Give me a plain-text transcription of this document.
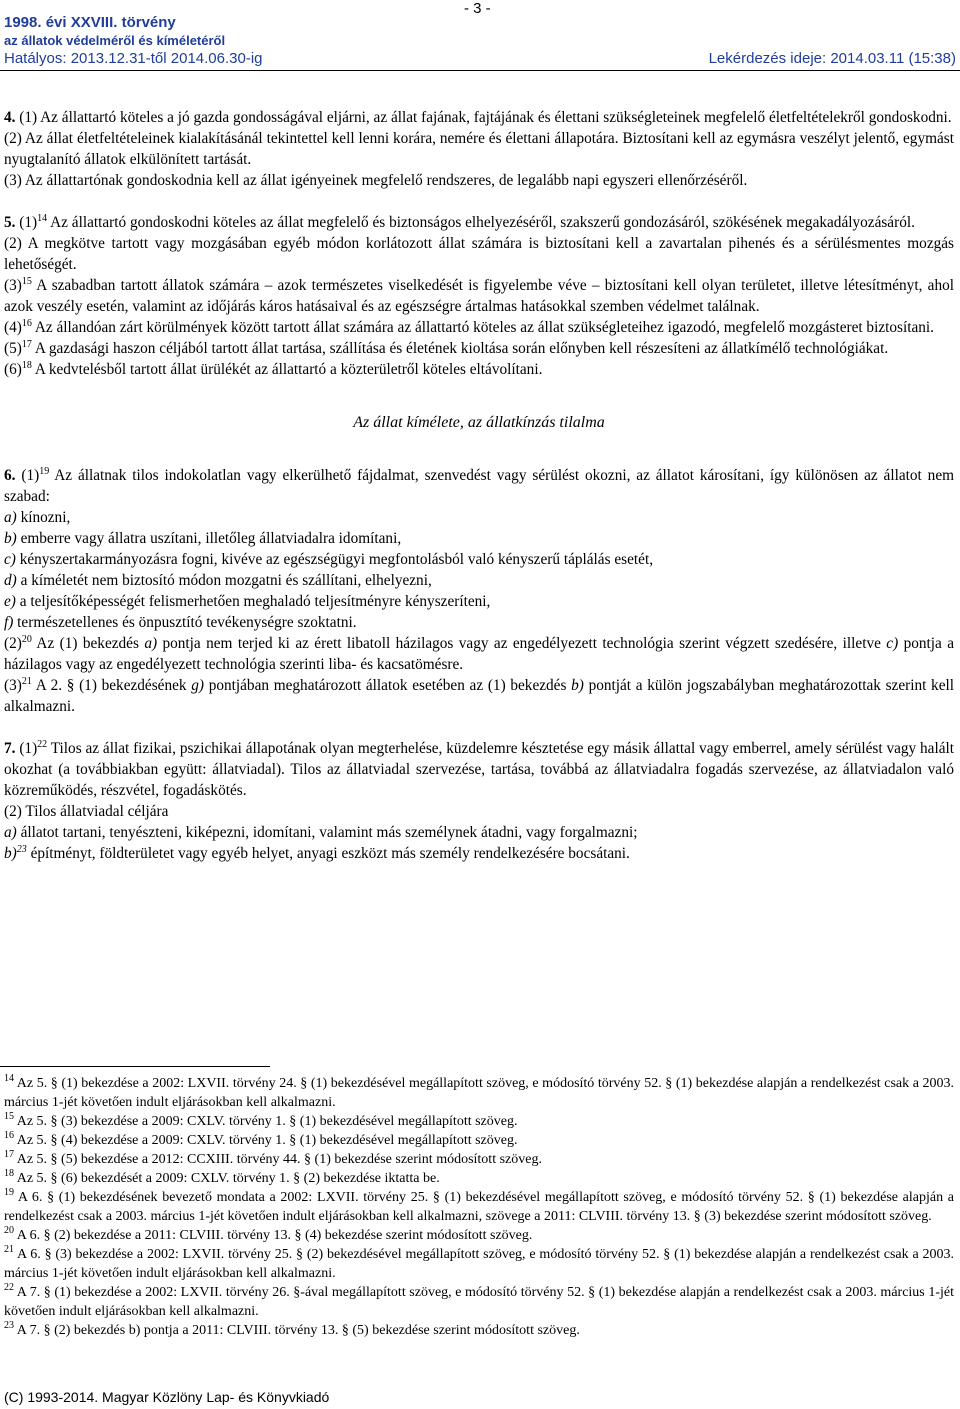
1998. évi XXVIII. törvény
az állatok védelméről és kíméletéről
Hatályos: 2013.12.31-től 2014.06.30-ig
- 3 -
Lekérdezés ideje: 2014.03.11 (15:38)

4. (1) Az állattartó köteles a jó gazda gondosságával eljárni, az állat fajának, fajtájának és élettani szükségleteinek megfelelő életfeltételekről gondoskodni.

(2) Az állat életfeltételeinek kialakításánál tekintettel kell lenni korára, nemére és élettani állapotára. Biztosítani kell az egymásra veszélyt jelentő, egymást nyugtalanító állatok elkülönített tartását.

(3) Az állattartónak gondoskodnia kell az állat igényeinek megfelelő rendszeres, de legalább napi egyszeri ellenőrzéséről.

5. $(1)^{14}$ Az állattartó gondoskodni köteles az állat megfelelő és biztonságos elhelyezéséről, szakszerű gondozásáról, szökésének megakadályozásáról.

(2) A megkötve tartott vagy mozgásában egyéb módon korlátozott állat számára is biztosítani kell a zavartalan pihenés és a sérülésmentes mozgás lehetőségét.

$(3)^{15}$ A szabadban tartott állatok számára – azok természetes viselkedését is figyelembe véve – biztosítani kell olyan területet, illetve létesítményt, ahol azok veszély esetén, valamint az időjárás káros hatásaival és az egészségre ártalmas hatásokkal szemben védelmet találnak.

$(4)^{16}$ Az állandóan zárt körülmények között tartott állat számára az állattartó köteles az állat szükségleteihez igazodó, megfelelő mozgásteret biztosítani.

$(5)^{17}$ A gazdasági haszon céljából tartott állat tartása, szállítása és életének kioltása során előnyben kell részesíteni az állatkímélő technológiákat.

$(6)^{18}$ A kedvtelésből tartott állat ürülékét az állattartó a közterületről köteles eltávolítani.

Az állat kímélete, az állatkínzás tilalma

6. $(1)^{19}$ Az állatnak tilos indokolatlan vagy elkerülhető fájdalmat, szenvedést vagy sérülést okozni, az állatot károsítani, így különösen az állatot nem szabad:

a) kínozni,

b) emberre vagy állatra uszítani, illetőleg állatviadalra idomítani,

c) kényszertakarmányozásra fogni, kivéve az egészségügyi megfontolásból való kényszerű táplálás esetét,

d) a kíméletét nem biztosító módon mozgatni és szállítani, elhelyezni,

e) a teljesítőképességét felismerhetően meghaladó teljesítményre kényszeríteni,

f) természetellenes és önpusztító tevékenységre szoktatni.

$(2)^{20}$ Az (1) bekezdés a) pontja nem terjed ki az érett libatoll házilagos vagy az engedélyezett technológia szerint végzett szedésére, illetve c) pontja a házilagos vagy az engedélyezett technológia szerinti liba- és kacsatömésre.

$(3)^{21}$ A 2. § (1) bekezdésének g) pontjában meghatározott állatok esetében az (1) bekezdés b) pontját a külön jogszabályban meghatározottak szerint kell alkalmazni.

7. $(1)^{22}$ Tilos az állat fizikai, pszichikai állapotának olyan megterhelése, küzdelemre késztetése egy másik állattal vagy emberrel, amely sérülést vagy halált okozhat (a továbbiakban együtt: állatviadal). Tilos az állatviadal szervezése, tartása, továbbá az állatviadalra fogadás szervezése, az állatviadalon való közreműködés, részvétel, fogadáskötés.

(2) Tilos állatviadal céljára

a) állatot tartani, tenyészteni, kiképezni, idomítani, valamint más személynek átadni, vagy forgalmazni;

b)$^{23}$ építményt, földterületet vagy egyéb helyet, anyagi eszközt más személy rendelkezésére bocsátani.

$^{14}$ Az 5. § (1) bekezdése a 2002: LXVII. törvény 24. § (1) bekezdésével megállapított szöveg, e módosító törvény 52. § (1) bekezdése alapján a rendelkezést csak a 2003. március 1-jét követően indult eljárásokban kell alkalmazni.

$^{15}$ Az 5. § (3) bekezdése a 2009: CXLV. törvény 1. § (1) bekezdésével megállapított szöveg.

$^{16}$ Az 5. § (4) bekezdése a 2009: CXLV. törvény 1. § (1) bekezdésével megállapított szöveg.

$^{17}$ Az 5. § (5) bekezdése a 2012: CCXIII. törvény 44. § (1) bekezdése szerint módosított szöveg.

$^{18}$ Az 5. § (6) bekezdését a 2009: CXLV. törvény 1. § (2) bekezdése iktatta be.

$^{19}$ A 6. § (1) bekezdésének bevezető mondata a 2002: LXVII. törvény 25. § (1) bekezdésével megállapított szöveg, e módosító törvény 52. § (1) bekezdése alapján a rendelkezést csak a 2003. március 1-jét követően indult eljárásokban kell alkalmazni, szövege a 2011: CLVIII. törvény 13. § (3) bekezdése szerint módosított szöveg.

$^{20}$ A 6. § (2) bekezdése a 2011: CLVIII. törvény 13. § (4) bekezdése szerint módosított szöveg.

$^{21}$ A 6. § (3) bekezdése a 2002: LXVII. törvény 25. § (2) bekezdésével megállapított szöveg, e módosító törvény 52. § (1) bekezdése alapján a rendelkezést csak a 2003. március 1-jét követően indult eljárásokban kell alkalmazni.

$^{22}$ A 7. § (1) bekezdése a 2002: LXVII. törvény 26. §-ával megállapított szöveg, e módosító törvény 52. § (1) bekezdése alapján a rendelkezést csak a 2003. március 1-jét követően indult eljárásokban kell alkalmazni.

$^{23}$ A 7. § (2) bekezdés b) pontja a 2011: CLVIII. törvény 13. § (5) bekezdése szerint módosított szöveg.

(C) 1993-2014. Magyar Közlöny Lap- és Könyvkiadó
